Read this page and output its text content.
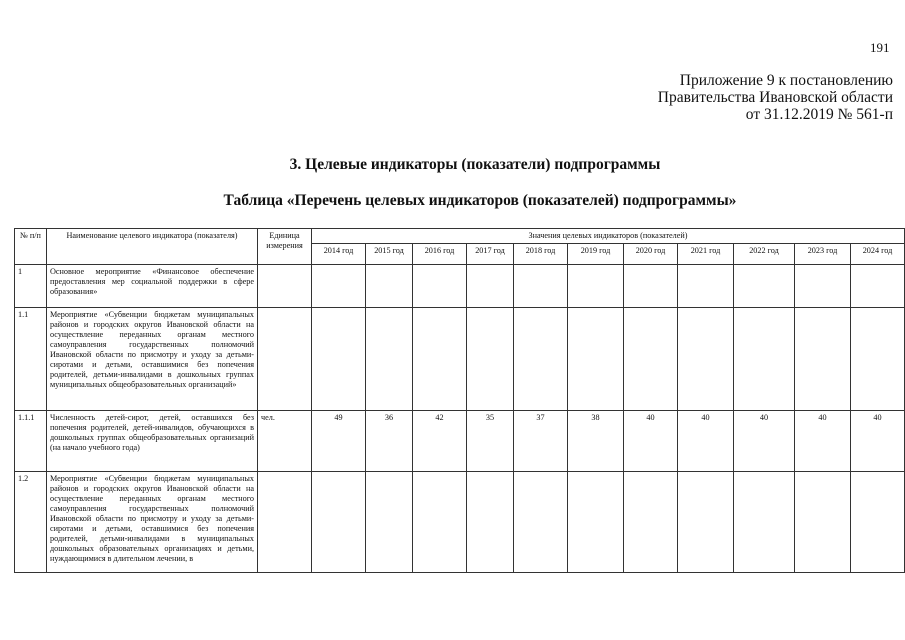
191
Приложение 9 к постановлению
Правительства Ивановской области
от 31.12.2019 № 561-п
3. Целевые индикаторы (показатели) подпрограммы
Таблица «Перечень целевых индикаторов (показателей) подпрограммы»
№ п/п	Наименование целевого индикатора (показателя)	Единица измерения	Значения целевых индикаторов (показателей)										
			2014 год	2015 год	2016 год	2017 год	2018 год	2019 год	2020 год	2021 год	2022 год	2023 год	2024 год
1	Основное мероприятие «Финансовое обеспечение предоставления мер социальной поддержки в сфере образования»												
1.1	Мероприятие «Субвенции бюджетам муниципальных районов и городских округов Ивановской области на осуществление переданных органам местного самоуправления государственных полномочий Ивановской области по присмотру и уходу за детьми-сиротами и детьми, оставшимися без попечения родителей, детьми-инвалидами в дошкольных группах муниципальных общеобразовательных организаций»												
1.1.1	Численность детей-сирот, детей, оставшихся без попечения родителей, детей-инвалидов, обучающихся в дошкольных группах общеобразовательных организаций (на начало учебного года)	чел.	49	36	42	35	37	38	40	40	40	40	40
1.2	Мероприятие «Субвенции бюджетам муниципальных районов и городских округов Ивановской области на осуществление переданных органам местного самоуправления государственных полномочий Ивановской области по присмотру и уходу за детьми-сиротами и детьми, оставшимися без попечения родителей, детьми-инвалидами в муниципальных дошкольных образовательных организациях и детьми, нуждающимися в длительном лечении, в												
